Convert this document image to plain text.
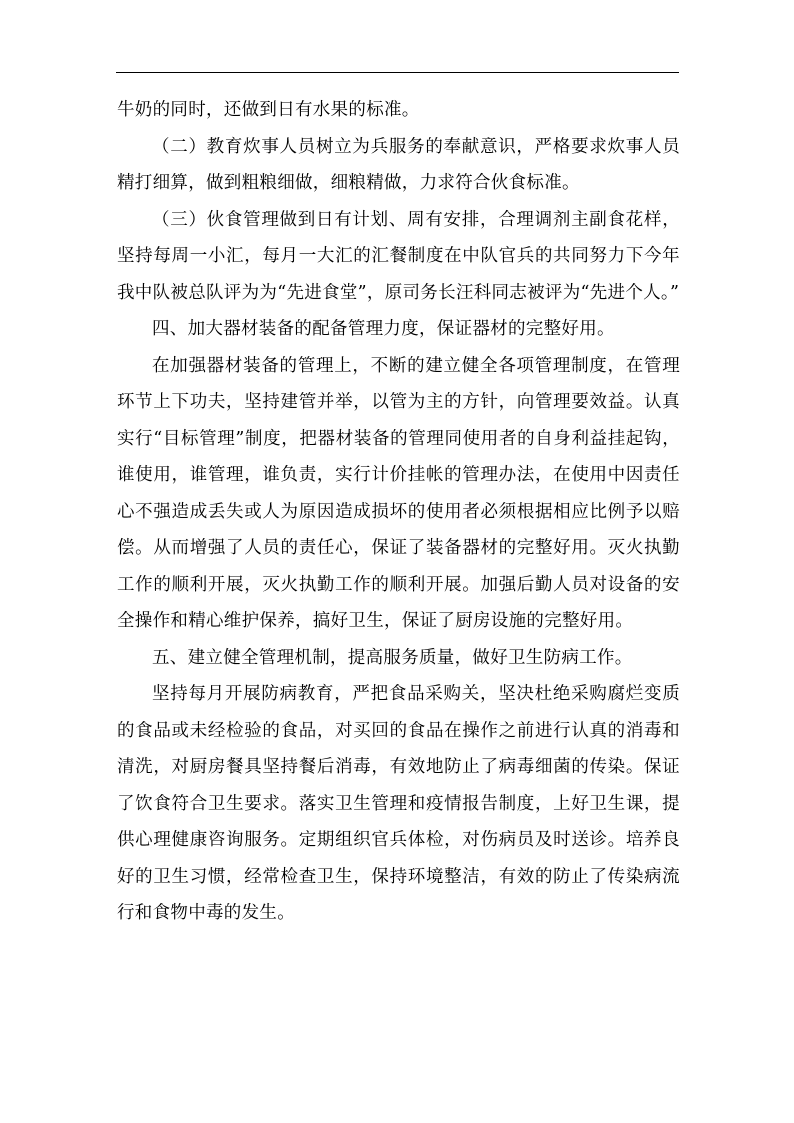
牛奶的同时，还做到日有水果的标准。

（二）教育炊事人员树立为兵服务的奉献意识，严格要求炊事人员精打细算，做到粗粮细做，细粮精做，力求符合伙食标准。

（三）伙食管理做到日有计划、周有安排，合理调剂主副食花样，坚持每周一小汇，每月一大汇的汇餐制度在中队官兵的共同努力下今年我中队被总队评为为“先进食堂”，原司务长汪科同志被评为“先进个人。”

四、加大器材装备的配备管理力度，保证器材的完整好用。

在加强器材装备的管理上，不断的建立健全各项管理制度，在管理环节上下功夫，坚持建管并举，以管为主的方针，向管理要效益。认真实行“目标管理”制度，把器材装备的管理同使用者的自身利益挂起钩，谁使用，谁管理，谁负责，实行计价挂帐的管理办法，在使用中因责任心不强造成丢失或人为原因造成损坏的使用者必须根据相应比例予以赔偿。从而增强了人员的责任心，保证了装备器材的完整好用。灭火执勤工作的顺利开展，灭火执勤工作的顺利开展。加强后勤人员对设备的安全操作和精心维护保养，搞好卫生，保证了厨房设施的完整好用。

五、建立健全管理机制，提高服务质量，做好卫生防病工作。

坚持每月开展防病教育，严把食品采购关，坚决杜绝采购腐烂变质的食品或未经检验的食品，对买回的食品在操作之前进行认真的消毒和清洗，对厨房餐具坚持餐后消毒，有效地防止了病毒细菌的传染。保证了饮食符合卫生要求。落实卫生管理和疫情报告制度，上好卫生课，提供心理健康咨询服务。定期组织官兵体检，对伤病员及时送诊。培养良好的卫生习惯，经常检查卫生，保持环境整洁，有效的防止了传染病流行和食物中毒的发生。
